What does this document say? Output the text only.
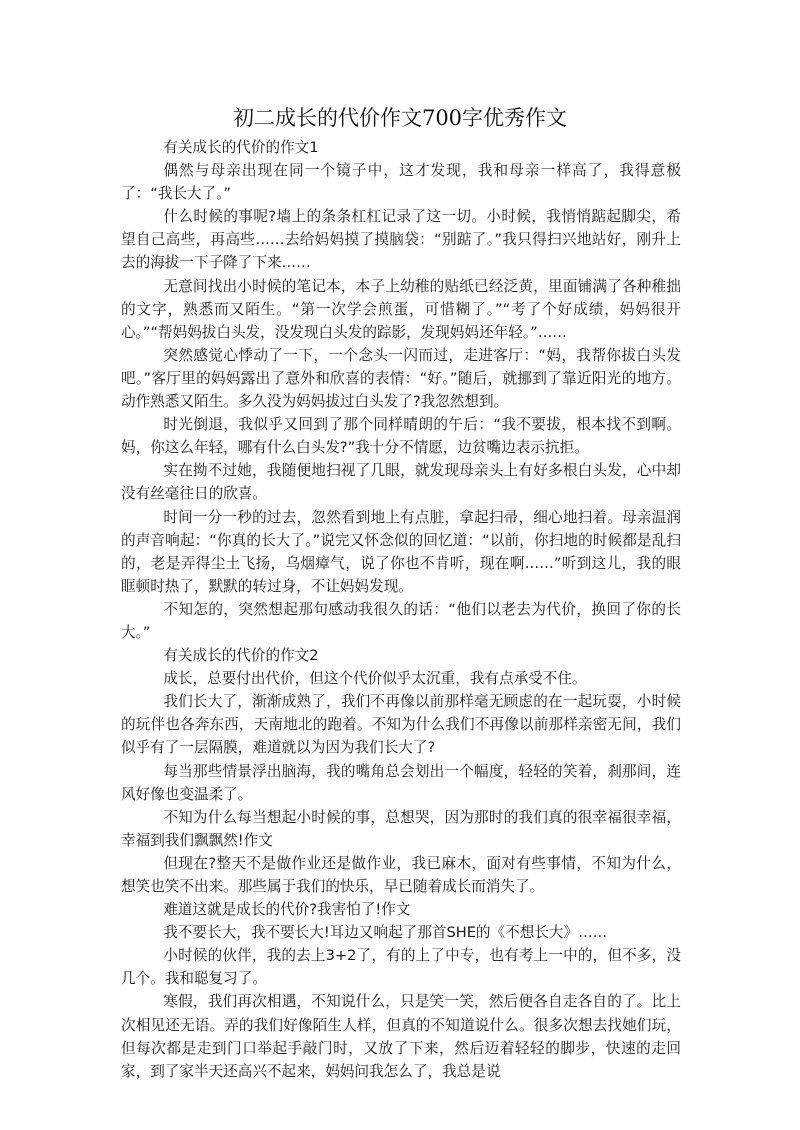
初二成长的代价作文700字优秀作文

有关成长的代价的作文1

偶然与母亲出现在同一个镜子中，这才发现，我和母亲一样高了，我得意极了：“我长大了。”

什么时候的事呢?墙上的条条杠杠记录了这一切。小时候，我悄悄踮起脚尖，希望自己高些，再高些……去给妈妈摸了摸脑袋：“别踮了。”我只得扫兴地站好，刚升上去的海拔一下子降了下来……

无意间找出小时候的笔记本，本子上幼稚的贴纸已经泛黄，里面铺满了各种稚拙的文字，熟悉而又陌生。“第一次学会煎蛋，可惜糊了。”“考了个好成绩，妈妈很开心。”“帮妈妈拔白头发，没发现白头发的踪影，发现妈妈还年轻。”……

突然感觉心悸动了一下，一个念头一闪而过，走进客厅：“妈，我帮你拔白头发吧。”客厅里的妈妈露出了意外和欣喜的表情：“好。”随后，就挪到了靠近阳光的地方。动作熟悉又陌生。多久没为妈妈拔过白头发了?我忽然想到。

时光倒退，我似乎又回到了那个同样晴朗的午后：“我不要拔，根本找不到啊。妈，你这么年轻，哪有什么白头发?”我十分不情愿，边贫嘴边表示抗拒。

实在拗不过她，我随便地扫视了几眼，就发现母亲头上有好多根白头发，心中却没有丝毫往日的欣喜。

时间一分一秒的过去，忽然看到地上有点脏，拿起扫帚，细心地扫着。母亲温润的声音响起：“你真的长大了。”说完又怀念似的回忆道：“以前，你扫地的时候都是乱扫的，老是弄得尘土飞扬，乌烟瘴气，说了你也不肯听，现在啊……”听到这儿，我的眼眶顿时热了，默默的转过身，不让妈妈发现。

不知怎的，突然想起那句感动我很久的话：“他们以老去为代价，换回了你的长大。”

有关成长的代价的作文2

成长，总要付出代价，但这个代价似乎太沉重，我有点承受不住。

我们长大了，渐渐成熟了，我们不再像以前那样毫无顾虑的在一起玩耍，小时候的玩伴也各奔东西，天南地北的跑着。不知为什么我们不再像以前那样亲密无间，我们似乎有了一层隔膜，难道就以为因为我们长大了?

每当那些情景浮出脑海，我的嘴角总会划出一个幅度，轻轻的笑着，刹那间，连风好像也变温柔了。

不知为什么每当想起小时候的事，总想哭，因为那时的我们真的很幸福很幸福，幸福到我们飘飘然!作文

但现在?整天不是做作业还是做作业，我已麻木，面对有些事情，不知为什么，想笑也笑不出来。那些属于我们的快乐，早已随着成长而消失了。

难道这就是成长的代价?我害怕了!作文

我不要长大，我不要长大!耳边又响起了那首SHE的《不想长大》……

小时候的伙伴，我的去上3+2了，有的上了中专，也有考上一中的，但不多，没几个。我和聪复习了。

寒假，我们再次相遇，不知说什么，只是笑一笑，然后便各自走各自的了。比上次相见还无语。弄的我们好像陌生人样，但真的不知道说什么。很多次想去找她们玩，但每次都是走到门口举起手敲门时，又放了下来，然后迈着轻轻的脚步，快速的走回家，到了家半天还高兴不起来，妈妈问我怎么了，我总是说
